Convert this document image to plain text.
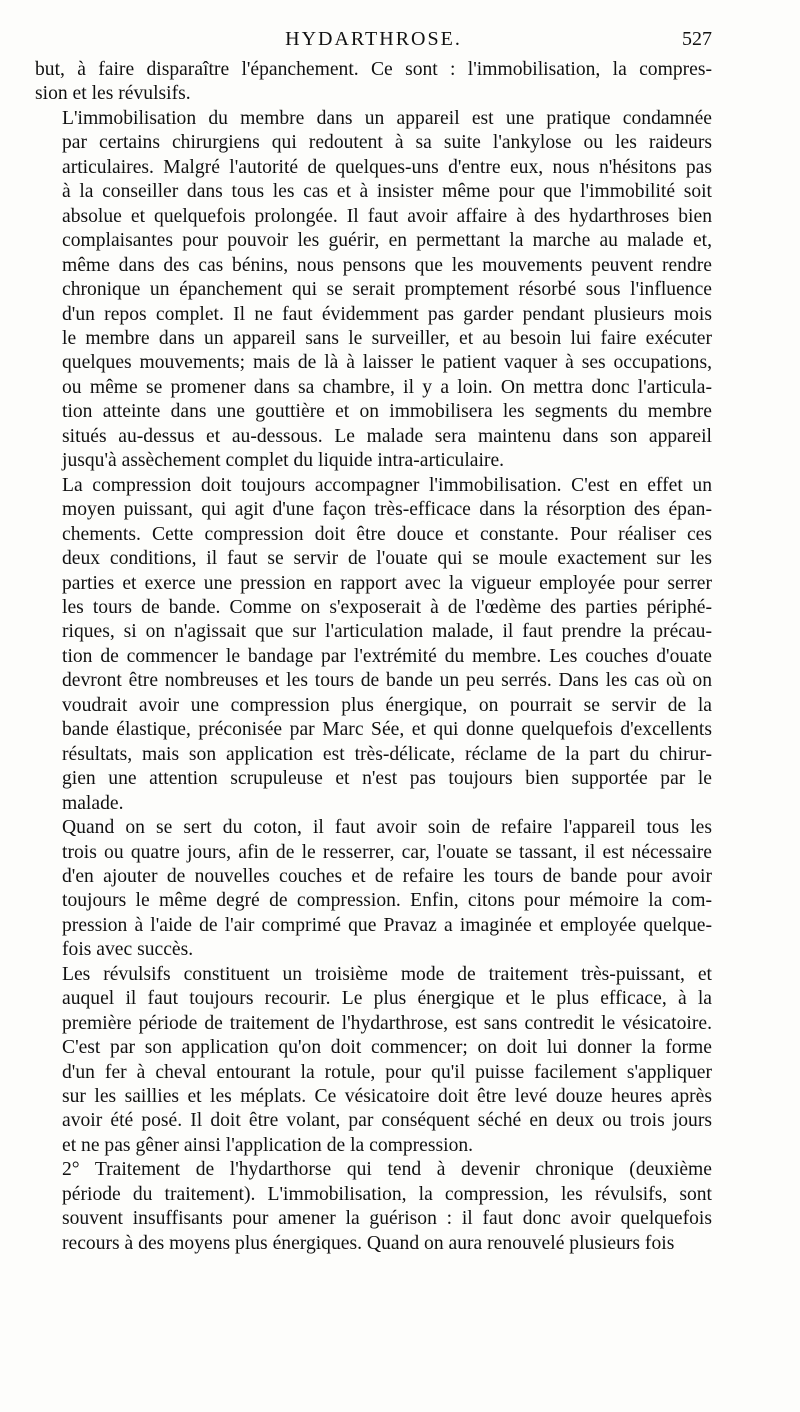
HYDARTHROSE.	527

but, à faire disparaître l'épanchement. Ce sont : l'immobilisation, la compres-
sion et les révulsifs.

L'immobilisation du membre dans un appareil est une pratique condamnée
par certains chirurgiens qui redoutent à sa suite l'ankylose ou les raideurs
articulaires. Malgré l'autorité de quelques-uns d'entre eux, nous n'hésitons pas
à la conseiller dans tous les cas et à insister même pour que l'immobilité soit
absolue et quelquefois prolongée. Il faut avoir affaire à des hydarthroses bien
complaisantes pour pouvoir les guérir, en permettant la marche au malade et,
même dans des cas bénins, nous pensons que les mouvements peuvent rendre
chronique un épanchement qui se serait promptement résorbé sous l'influence
d'un repos complet. Il ne faut évidemment pas garder pendant plusieurs mois
le membre dans un appareil sans le surveiller, et au besoin lui faire exécuter
quelques mouvements; mais de là à laisser le patient vaquer à ses occupations,
ou même se promener dans sa chambre, il y a loin. On mettra donc l'articula-
tion atteinte dans une gouttière et on immobilisera les segments du membre
situés au-dessus et au-dessous. Le malade sera maintenu dans son appareil
jusqu'à assèchement complet du liquide intra-articulaire.

La compression doit toujours accompagner l'immobilisation. C'est en effet un
moyen puissant, qui agit d'une façon très-efficace dans la résorption des épan-
chements. Cette compression doit être douce et constante. Pour réaliser ces
deux conditions, il faut se servir de l'ouate qui se moule exactement sur les
parties et exerce une pression en rapport avec la vigueur employée pour serrer
les tours de bande. Comme on s'exposerait à de l'œdème des parties périphé-
riques, si on n'agissait que sur l'articulation malade, il faut prendre la précau-
tion de commencer le bandage par l'extrémité du membre. Les couches d'ouate
devront être nombreuses et les tours de bande un peu serrés. Dans les cas où on
voudrait avoir une compression plus énergique, on pourrait se servir de la
bande élastique, préconisée par Marc Sée, et qui donne quelquefois d'excellents
résultats, mais son application est très-délicate, réclame de la part du chirur-
gien une attention scrupuleuse et n'est pas toujours bien supportée par le
malade.

Quand on se sert du coton, il faut avoir soin de refaire l'appareil tous les
trois ou quatre jours, afin de le resserrer, car, l'ouate se tassant, il est nécessaire
d'en ajouter de nouvelles couches et de refaire les tours de bande pour avoir
toujours le même degré de compression. Enfin, citons pour mémoire la com-
pression à l'aide de l'air comprimé que Pravaz a imaginée et employée quelque-
fois avec succès.

Les révulsifs constituent un troisième mode de traitement très-puissant, et
auquel il faut toujours recourir. Le plus énergique et le plus efficace, à la
première période de traitement de l'hydarthrose, est sans contredit le vésicatoire.
C'est par son application qu'on doit commencer; on doit lui donner la forme
d'un fer à cheval entourant la rotule, pour qu'il puisse facilement s'appliquer
sur les saillies et les méplats. Ce vésicatoire doit être levé douze heures après
avoir été posé. Il doit être volant, par conséquent séché en deux ou trois jours
et ne pas gêner ainsi l'application de la compression.

2° Traitement de l'hydarthorse qui tend à devenir chronique (deuxième
période du traitement). L'immobilisation, la compression, les révulsifs, sont
souvent insuffisants pour amener la guérison : il faut donc avoir quelquefois
recours à des moyens plus énergiques. Quand on aura renouvelé plusieurs fois
